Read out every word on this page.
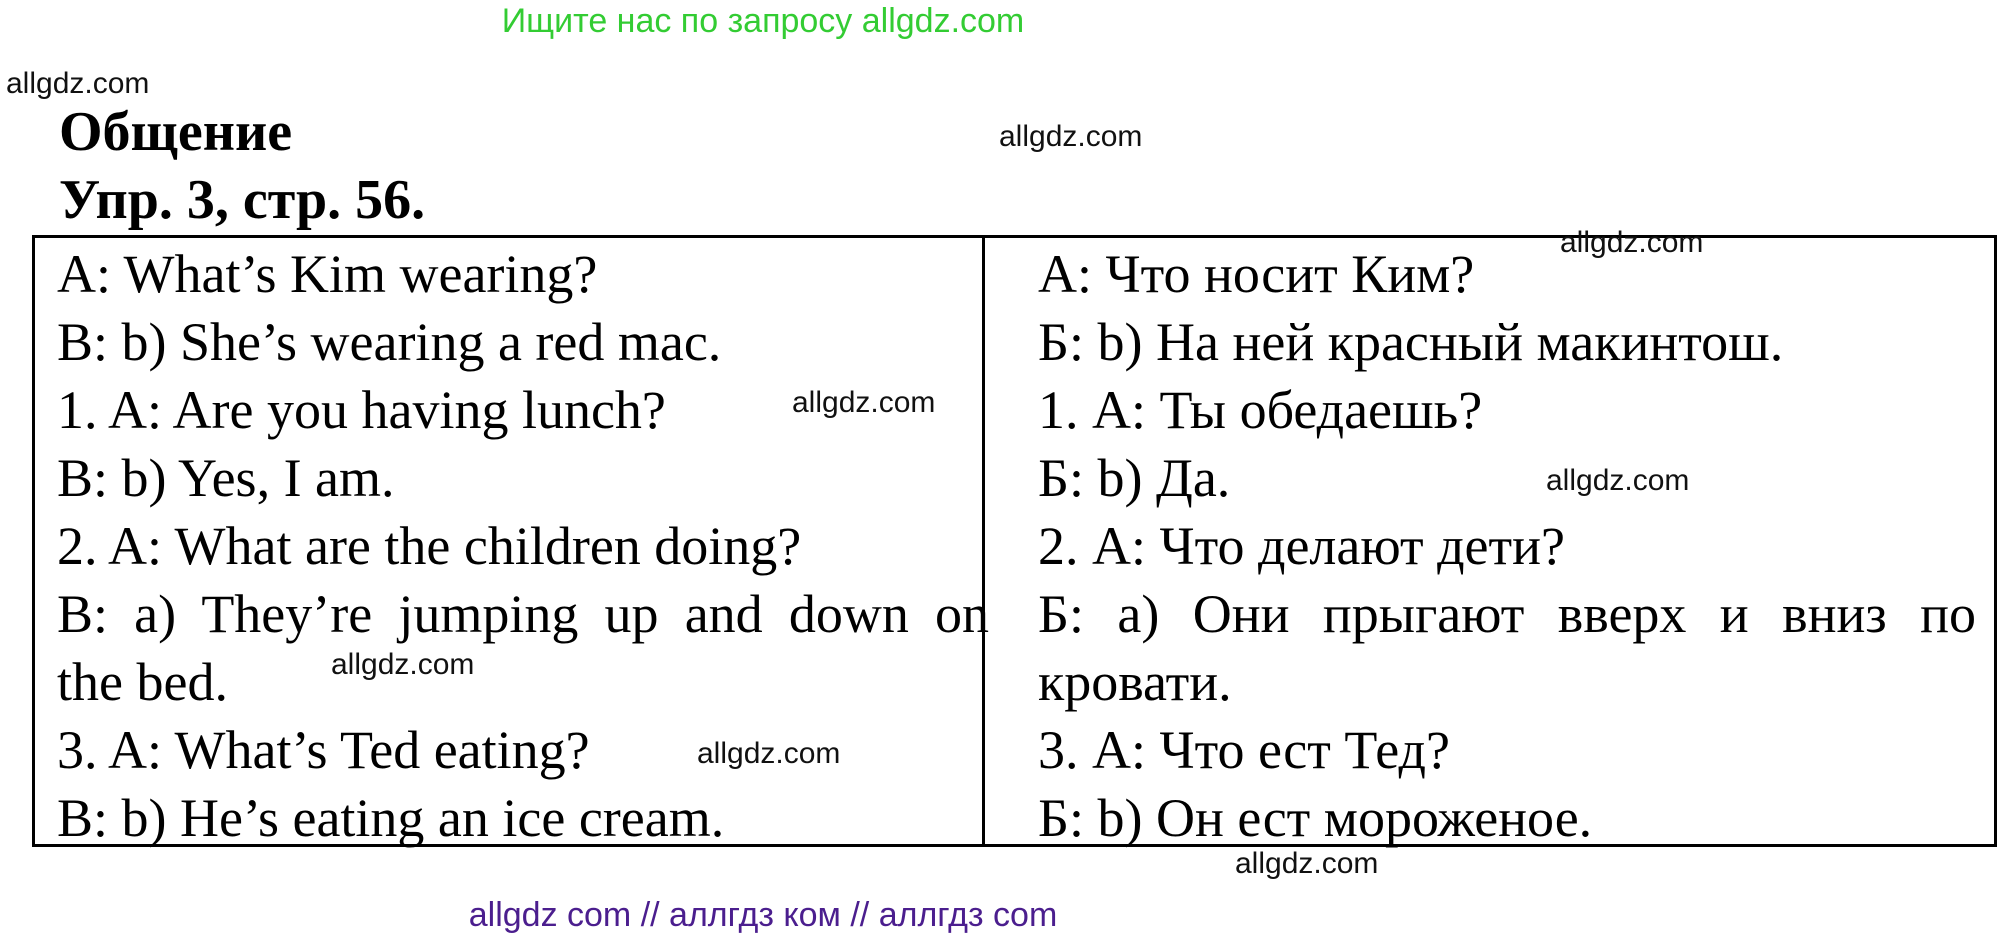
Ищите нас по запросу allgdz.com
allgdz.com
allgdz.com
Общение
Упр. 3, стр. 56.
A: What’s Kim wearing?
B: b) She’s wearing a red mac.
1. A: Are you having lunch?
B: b) Yes, I am.
2. A: What are the children doing?
B: a) They’re jumping up and down on
the bed.
3. A: What’s Ted eating?
B: b) He’s eating an ice cream.
А: Что носит Ким?
Б: b) На ней красный макинтош.
1. А: Ты обедаешь?
Б: b) Да.
2. А: Что делают дети?
Б: a) Они прыгают вверх и вниз по
кровати.
3. А: Что ест Тед?
Б: b) Он ест мороженое.
allgdz.com
allgdz.com
allgdz.com
allgdz.com
allgdz.com
allgdz.com
allgdz com // аллгдз ком // аллгдз com
